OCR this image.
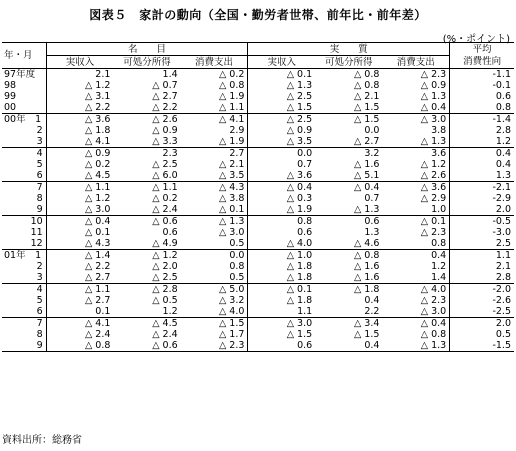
図表５　家計の動向（全国・勤労者世帯、前年比・前年差）
(%・ポイント)
年・月	名　　目			実　　質			平均
	実収入	可処分所得	消費支出	実収入	可処分所得	消費支出	消費性向
97年度	2.1	1.4	△ 0.2	△ 0.1	△ 0.8	△ 2.3	-1.1
98	△ 1.2	△ 0.7	△ 0.8	△ 1.3	△ 0.8	△ 0.9	-0.1
99	△ 3.1	△ 2.7	△ 1.9	△ 2.5	△ 2.1	△ 1.3	0.6
00	△ 2.2	△ 2.2	△ 1.1	△ 1.5	△ 1.5	△ 0.4	0.8
00年　1	△ 3.6	△ 2.6	△ 4.1	△ 2.5	△ 1.5	△ 3.0	-1.4
2	△ 1.8	△ 0.9	2.9	△ 0.9	0.0	3.8	2.8
3	△ 4.1	△ 3.3	△ 1.9	△ 3.5	△ 2.7	△ 1.3	1.2
4	△ 0.9	2.3	2.7	0.0	3.2	3.6	0.4
5	△ 0.2	△ 2.5	△ 2.1	0.7	△ 1.6	△ 1.2	0.4
6	△ 4.5	△ 6.0	△ 3.5	△ 3.6	△ 5.1	△ 2.6	1.3
7	△ 1.1	△ 1.1	△ 4.3	△ 0.4	△ 0.4	△ 3.6	-2.1
8	△ 1.2	△ 0.2	△ 3.8	△ 0.3	0.7	△ 2.9	-2.9
9	△ 3.0	△ 2.4	△ 0.1	△ 1.9	△ 1.3	1.0	2.0
10	△ 0.4	△ 0.6	△ 1.3	0.8	0.6	△ 0.1	-0.5
11	△ 0.1	0.6	△ 3.0	0.6	1.3	△ 2.3	-3.0
12	△ 4.3	△ 4.9	0.5	△ 4.0	△ 4.6	0.8	2.5
01年　1	△ 1.4	△ 1.2	0.0	△ 1.0	△ 0.8	0.4	1.1
2	△ 2.2	△ 2.0	0.8	△ 1.8	△ 1.6	1.2	2.1
3	△ 2.7	△ 2.5	0.5	△ 1.8	△ 1.6	1.4	2.8
4	△ 1.1	△ 2.8	△ 5.0	△ 0.1	△ 1.8	△ 4.0	-2.0
5	△ 2.7	△ 0.5	△ 3.2	△ 1.8	0.4	△ 2.3	-2.6
6	0.1	1.2	△ 4.0	1.1	2.2	△ 3.0	-2.5
7	△ 4.1	△ 4.5	△ 1.5	△ 3.0	△ 3.4	△ 0.4	2.0
8	△ 2.4	△ 2.4	△ 1.7	△ 1.5	△ 1.5	△ 0.8	0.5
9	△ 0.8	△ 0.6	△ 2.3	0.6	0.4	△ 1.3	-1.5
資料出所：総務省
